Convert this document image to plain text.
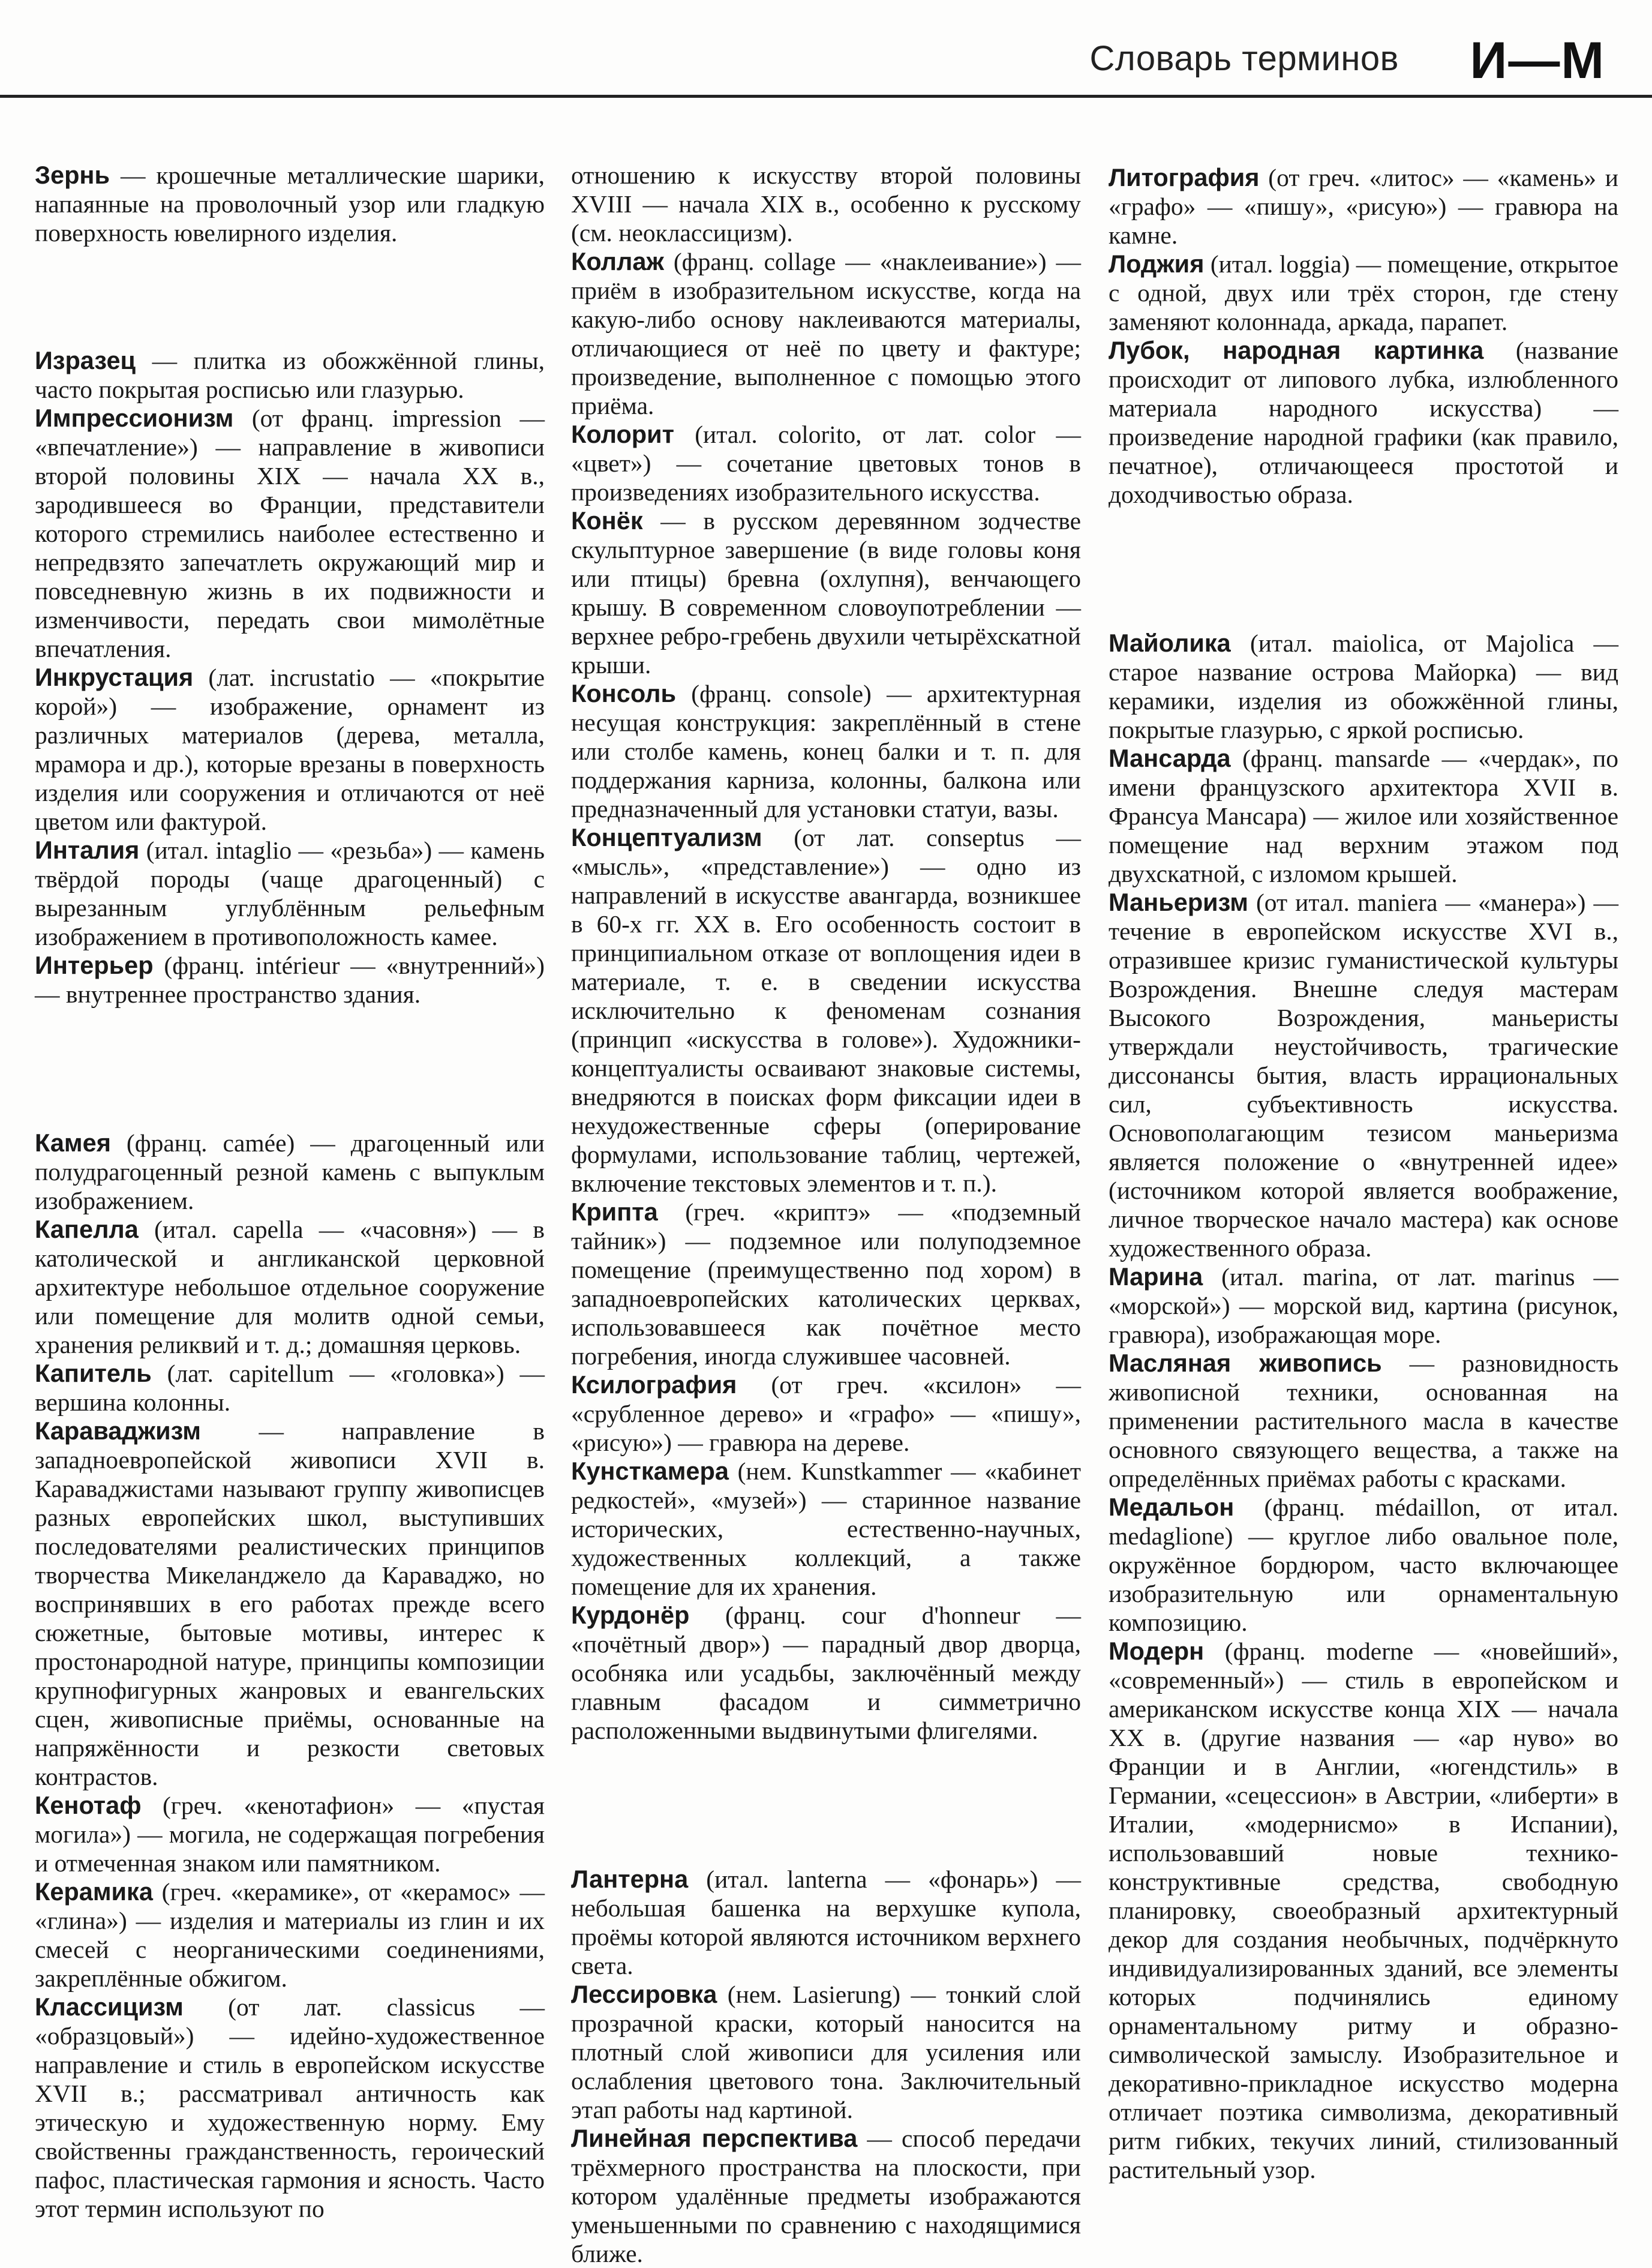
Словарь терминов И—М

Зернь — крошечные металлические шарики, напаянные на проволочный узор или гладкую поверхность ювелирного изделия.

Изразец — плитка из обожжённой глины, часто покрытая росписью или глазурью.

Импрессионизм (от франц. impression — «впечатление») — направление в живописи второй половины XIX — начала XX в., зародившееся во Франции, представители которого стремились наиболее естественно и непредвзято запечатлеть окружающий мир и повседневную жизнь в их подвижности и изменчивости, передать свои мимолётные впечатления.

Инкрустация (лат. incrustatio — «покрытие корой») — изображение, орнамент из различных материалов (дерева, металла, мрамора и др.), которые врезаны в поверхность изделия или сооружения и отличаются от неё цветом или фактурой.

Инталия (итал. intaglio — «резьба») — камень твёрдой породы (чаще драгоценный) с вырезанным углублённым рельефным изображением в противоположность камее.

Интерьер (франц. intérieur — «внутренний») — внутреннее пространство здания.

Камея (франц. camée) — драгоценный или полудрагоценный резной камень с выпуклым изображением.

Капелла (итал. capella — «часовня») — в католической и англиканской церковной архитектуре небольшое отдельное сооружение или помещение для молитв одной семьи, хранения реликвий и т. д.; домашняя церковь.

Капитель (лат. capitellum — «головка») — вершина колонны.

Караваджизм — направление в западноевропейской живописи XVII в. Караваджистами называют группу живописцев разных европейских школ, выступивших последователями реалистических принципов творчества Микеланджело да Караваджо, но воспринявших в его работах прежде всего сюжетные, бытовые мотивы, интерес к простонародной натуре, принципы композиции крупнофигурных жанровых и евангельских сцен, живописные приёмы, основанные на напряжённости и резкости световых контрастов.

Кенотаф (греч. «кенотафион» — «пустая могила») — могила, не содержащая погребения и отмеченная знаком или памятником.

Керамика (греч. «керамике», от «керамос» — «глина») — изделия и материалы из глин и их смесей с неорганическими соединениями, закреплённые обжигом.

Классицизм (от лат. classicus — «образцовый») — идейно-художественное направление и стиль в европейском искусстве XVII в.; рассматривал античность как этическую и художественную норму. Ему свойственны гражданственность, героический пафос, пластическая гармония и ясность. Часто этот термин используют по

отношению к искусству второй половины XVIII — начала XIX в., особенно к русскому (см. неоклассицизм).

Коллаж (франц. collage — «наклеивание») — приём в изобразительном искусстве, когда на какую-либо основу наклеиваются материалы, отличающиеся от неё по цвету и фактуре; произведение, выполненное с помощью этого приёма.

Колорит (итал. colorito, от лат. color — «цвет») — сочетание цветовых тонов в произведениях изобразительного искусства.

Конёк — в русском деревянном зодчестве скульптурное завершение (в виде головы коня или птицы) бревна (охлупня), венчающего крышу. В современном словоупотреблении — верхнее ребро-гребень двухили четырёхскатной крыши.

Консоль (франц. console) — архитектурная несущая конструкция: закреплённый в стене или столбе камень, конец балки и т. п. для поддержания карниза, колонны, балкона или предназначенный для установки статуи, вазы.

Концептуализм (от лат. conseptus — «мысль», «представление») — одно из направлений в искусстве авангарда, возникшее в 60-х гг. XX в. Его особенность состоит в принципиальном отказе от воплощения идеи в материале, т. е. в сведении искусства исключительно к феноменам сознания (принцип «искусства в голове»). Художники-концептуалисты осваивают знаковые системы, внедряются в поисках форм фиксации идеи в нехудожественные сферы (оперирование формулами, использование таблиц, чертежей, включение текстовых элементов и т. п.).

Крипта (греч. «криптэ» — «подземный тайник») — подземное или полуподземное помещение (преимущественно под хором) в западноевропейских католических церквах, использовавшееся как почётное место погребения, иногда служившее часовней.

Ксилография (от греч. «ксилон» — «срубленное дерево» и «графо» — «пишу», «рисую») — гравюра на дереве.

Кунсткамера (нем. Kunstkammer — «кабинет редкостей», «музей») — старинное название исторических, естественно-научных, художественных коллекций, а также помещение для их хранения.

Курдонёр (франц. cour d'honneur — «почётный двор») — парадный двор дворца, особняка или усадьбы, заключённый между главным фасадом и симметрично расположенными выдвинутыми флигелями.

Лантерна (итал. lanterna — «фонарь») — небольшая башенка на верхушке купола, проёмы которой являются источником верхнего света.

Лессировка (нем. Lasierung) — тонкий слой прозрачной краски, который наносится на плотный слой живописи для усиления или ослабления цветового тона. Заключительный этап работы над картиной.

Линейная перспектива — способ передачи трёхмерного пространства на плоскости, при котором удалённые предметы изображаются уменьшенными по сравнению с находящимися ближе.

Литография (от греч. «литос» — «камень» и «графо» — «пишу», «рисую») — гравюра на камне.

Лоджия (итал. loggia) — помещение, открытое с одной, двух или трёх сторон, где стену заменяют колоннада, аркада, парапет.

Лубок, народная картинка (название происходит от липового лубка, излюбленного материала народного искусства) — произведение народной графики (как правило, печатное), отличающееся простотой и доходчивостью образа.

Майолика (итал. maiolica, от Majolica — старое название острова Майорка) — вид керамики, изделия из обожжённой глины, покрытые глазурью, с яркой росписью.

Мансарда (франц. mansarde — «чердак», по имени французского архитектора XVII в. Франсуа Мансара) — жилое или хозяйственное помещение над верхним этажом под двухскатной, с изломом крышей.

Маньеризм (от итал. maniera — «манера») — течение в европейском искусстве XVI в., отразившее кризис гуманистической культуры Возрождения. Внешне следуя мастерам Высокого Возрождения, маньеристы утверждали неустойчивость, трагические диссонансы бытия, власть иррациональных сил, субъективность искусства. Основополагающим тезисом маньеризма является положение о «внутренней идее» (источником которой является воображение, личное творческое начало мастера) как основе художественного образа.

Марина (итал. marina, от лат. marinus — «морской») — морской вид, картина (рисунок, гравюра), изображающая море.

Масляная живопись — разновидность живописной техники, основанная на применении растительного масла в качестве основного связующего вещества, а также на определённых приёмах работы с красками.

Медальон (франц. médaillon, от итал. medaglione) — круглое либо овальное поле, окружённое бордюром, часто включающее изобразительную или орнаментальную композицию.

Модерн (франц. moderne — «новейший», «современный») — стиль в европейском и американском искусстве конца XIX — начала XX в. (другие названия — «ар нуво» во Франции и в Англии, «югендстиль» в Германии, «сецессион» в Австрии, «либерти» в Италии, «модернисмо» в Испании), использовавший новые технико-конструктивные средства, свободную планировку, своеобразный архитектурный декор для создания необычных, подчёркнуто индивидуализированных зданий, все элементы которых подчинялись единому орнаментальному ритму и образно-символической замыслу. Изобразительное и декоративно-прикладное искусство модерна отличает поэтика символизма, декоративный ритм гибких, текучих линий, стилизованный растительный узор.
